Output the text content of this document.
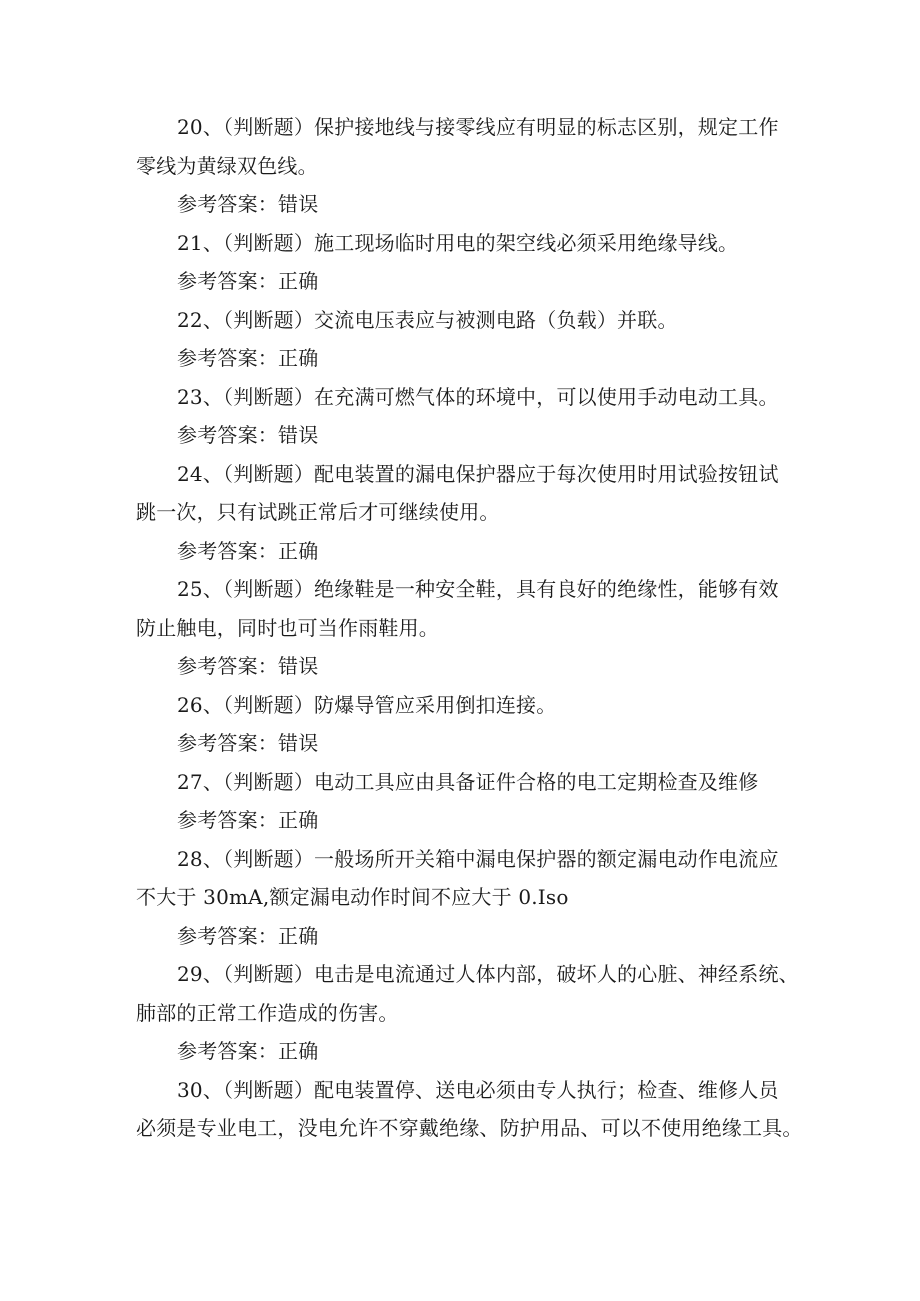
20、（判断题）保护接地线与接零线应有明显的标志区别，规定工作
零线为黄绿双色线。
参考答案：错误
21、（判断题）施工现场临时用电的架空线必须采用绝缘导线。
参考答案：正确
22、（判断题）交流电压表应与被测电路（负载）并联。
参考答案：正确
23、（判断题）在充满可燃气体的环境中，可以使用手动电动工具。
参考答案：错误
24、（判断题）配电装置的漏电保护器应于每次使用时用试验按钮试
跳一次，只有试跳正常后才可继续使用。
参考答案：正确
25、（判断题）绝缘鞋是一种安全鞋，具有良好的绝缘性，能够有效
防止触电，同时也可当作雨鞋用。
参考答案：错误
26、（判断题）防爆导管应采用倒扣连接。
参考答案：错误
27、（判断题）电动工具应由具备证件合格的电工定期检查及维修
参考答案：正确
28、（判断题）一般场所开关箱中漏电保护器的额定漏电动作电流应
不大于 30mA,额定漏电动作时间不应大于 0.Iso
参考答案：正确
29、（判断题）电击是电流通过人体内部，破坏人的心脏、神经系统、
肺部的正常工作造成的伤害。
参考答案：正确
30、（判断题）配电装置停、送电必须由专人执行；检查、维修人员
必须是专业电工，没电允许不穿戴绝缘、防护用品、可以不使用绝缘工具。
